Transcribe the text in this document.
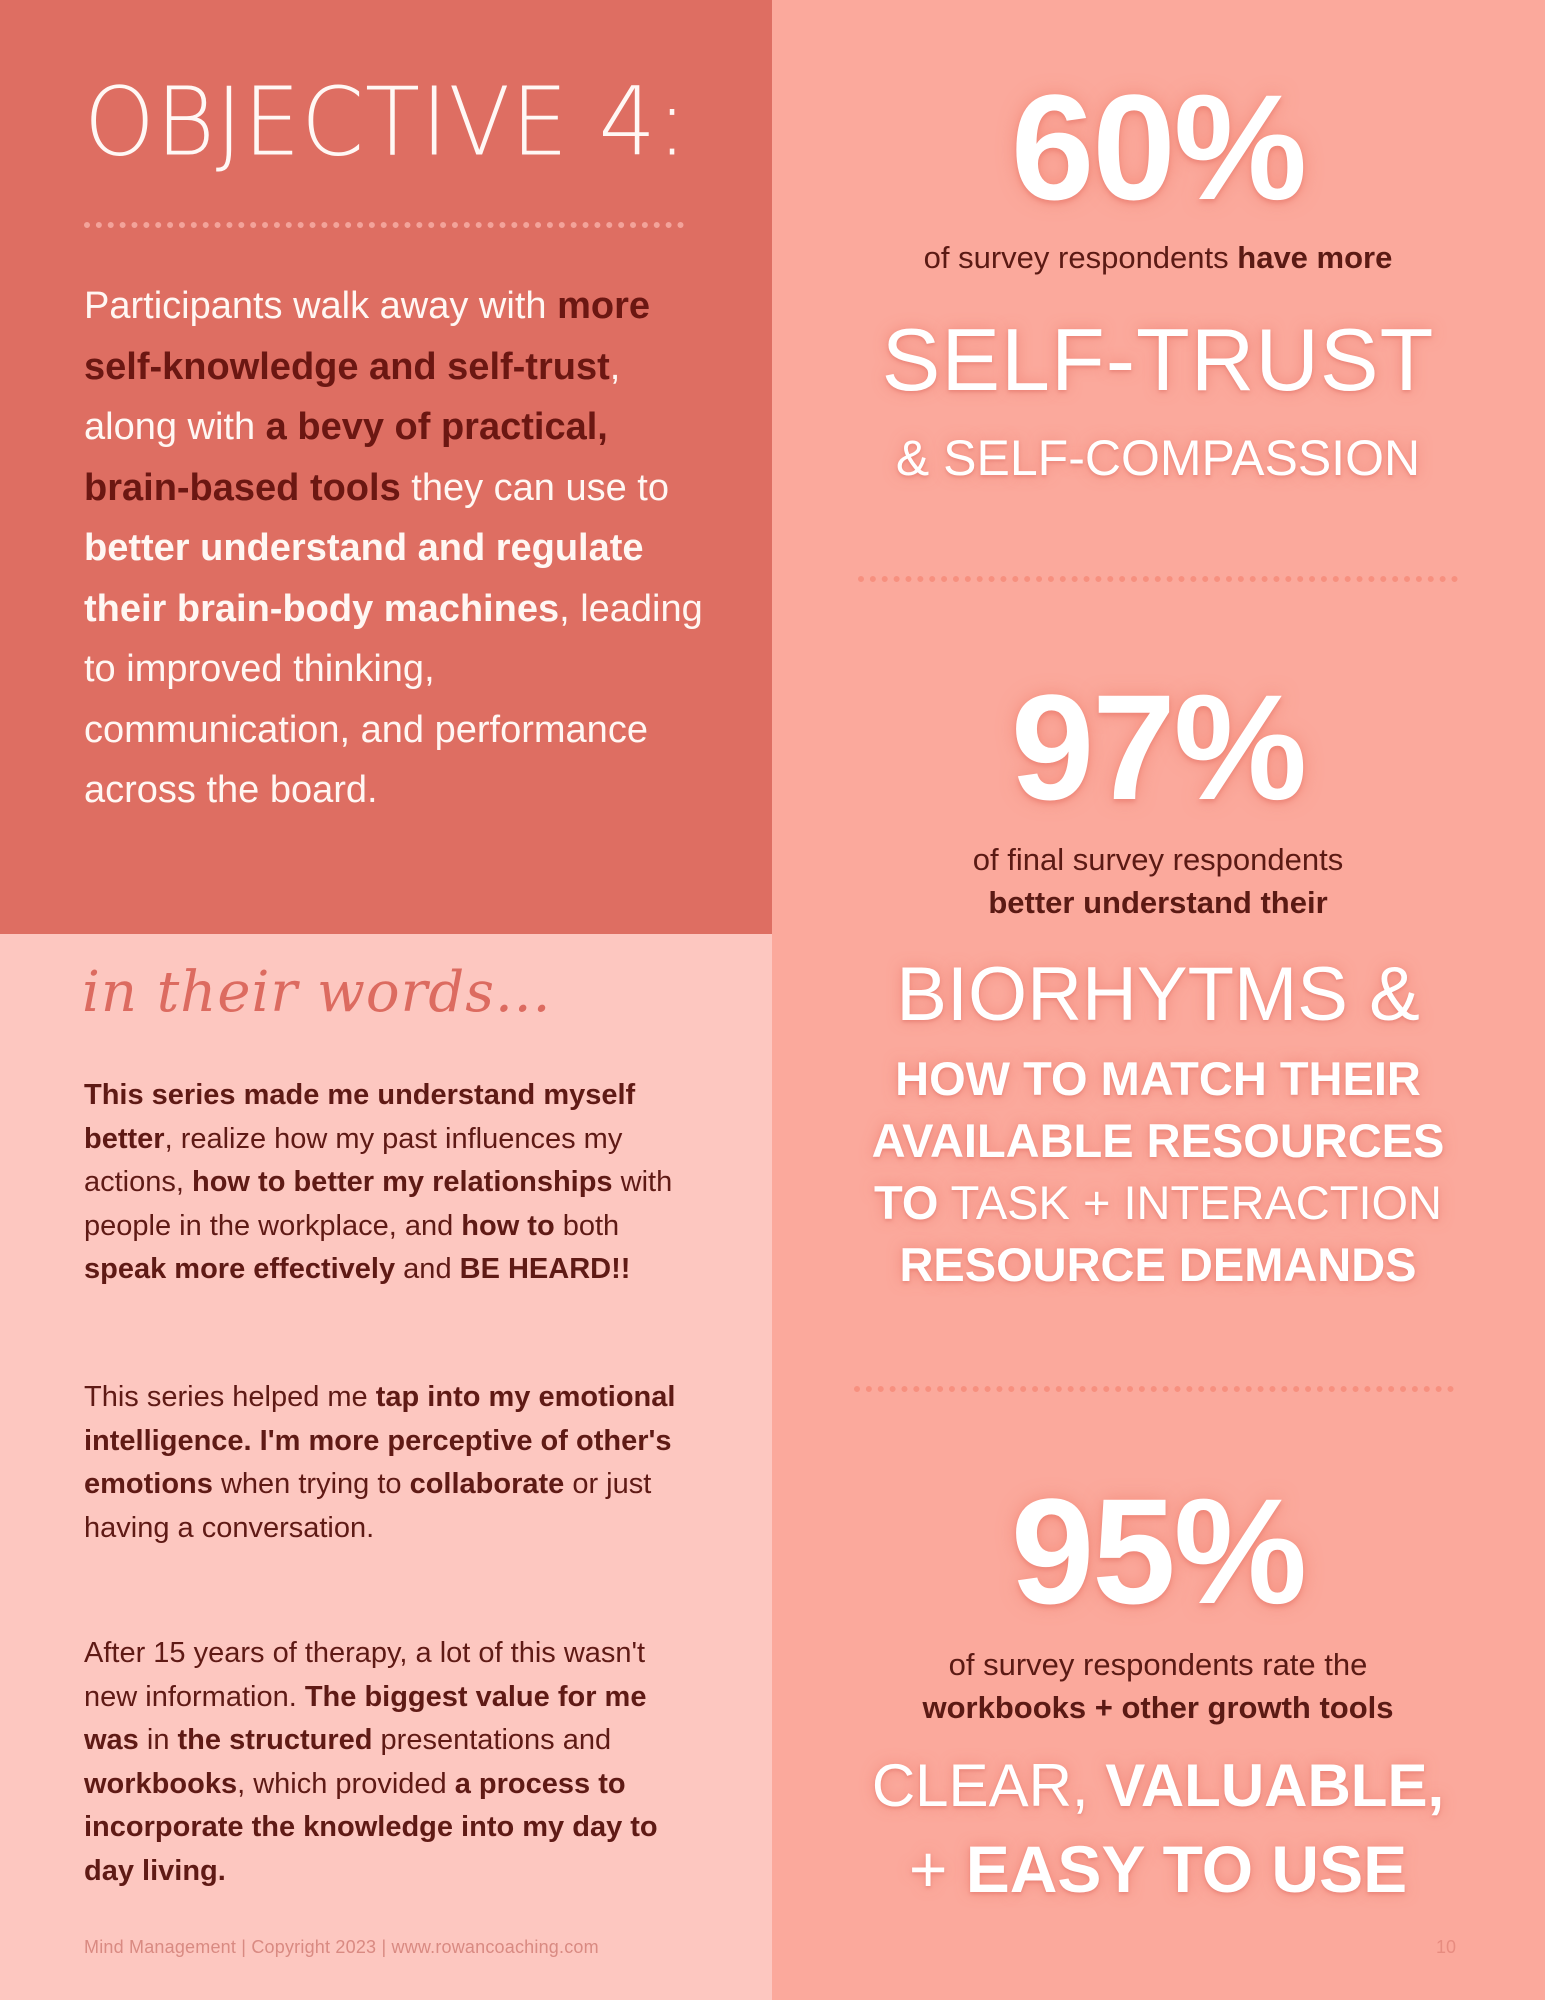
OBJECTIVE 4:
Participants walk away with more self-knowledge and self-trust, along with a bevy of practical, brain-based tools they can use to better understand and regulate their brain-body machines, leading to improved thinking, communication, and performance across the board.
in their words...
This series made me understand myself better, realize how my past influences my actions, how to better my relationships with people in the workplace, and how to both speak more effectively and BE HEARD!!
This series helped me tap into my emotional intelligence. I'm more perceptive of other's emotions when trying to collaborate or just having a conversation.
After 15 years of therapy, a lot of this wasn't new information. The biggest value for me was in the structured presentations and workbooks, which provided a process to incorporate the knowledge into my day to day living.
60%
of survey respondents have more
SELF-TRUST
& SELF-COMPASSION
97%
of final survey respondents
better understand their
BIORHYTMS &
HOW TO MATCH THEIR
AVAILABLE RESOURCES
TO TASK + INTERACTION
RESOURCE DEMANDS
95%
of survey respondents rate the
workbooks + other growth tools
CLEAR, VALUABLE,
+ EASY TO USE
Mind Management | Copyright 2023 | www.rowancoaching.com	10
